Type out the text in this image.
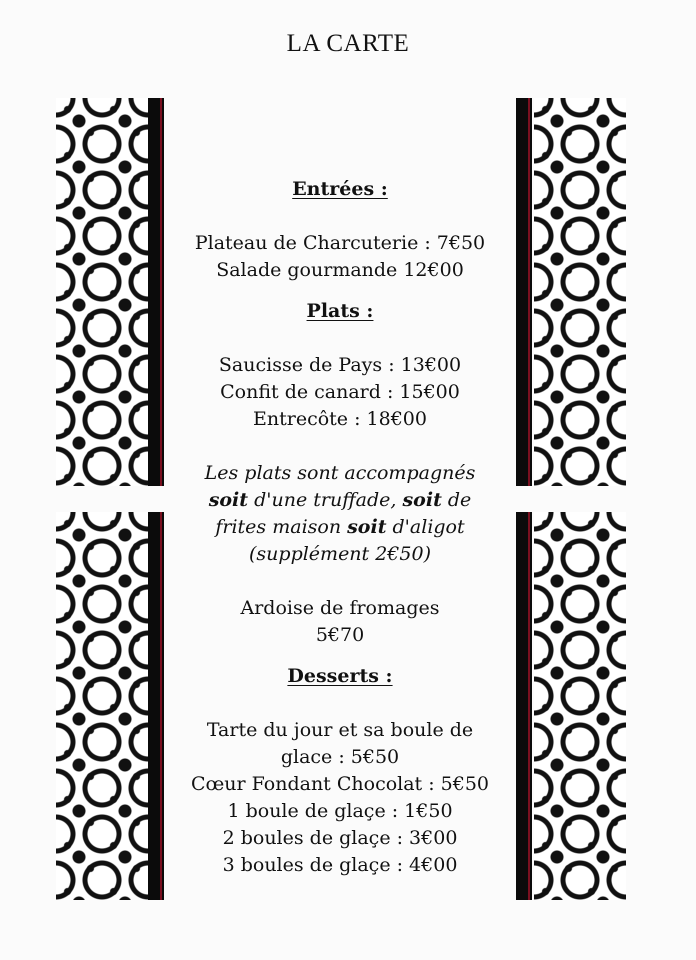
LA CARTE
Entrées :
Plateau de Charcuterie : 7€50
Salade gourmande 12€00
Plats :
Saucisse de Pays : 13€00
Confit de canard : 15€00
Entrecôte : 18€00
Les plats sont accompagnés
soit d'une truffade, soit de
frites maison soit d'aligot
(supplément 2€50)
Ardoise de fromages
5€70
Desserts :
Tarte du jour et sa boule de
glace : 5€50
Cœur Fondant Chocolat : 5€50
1 boule de glaçe : 1€50
2 boules de glaçe : 3€00
3 boules de glaçe : 4€00
